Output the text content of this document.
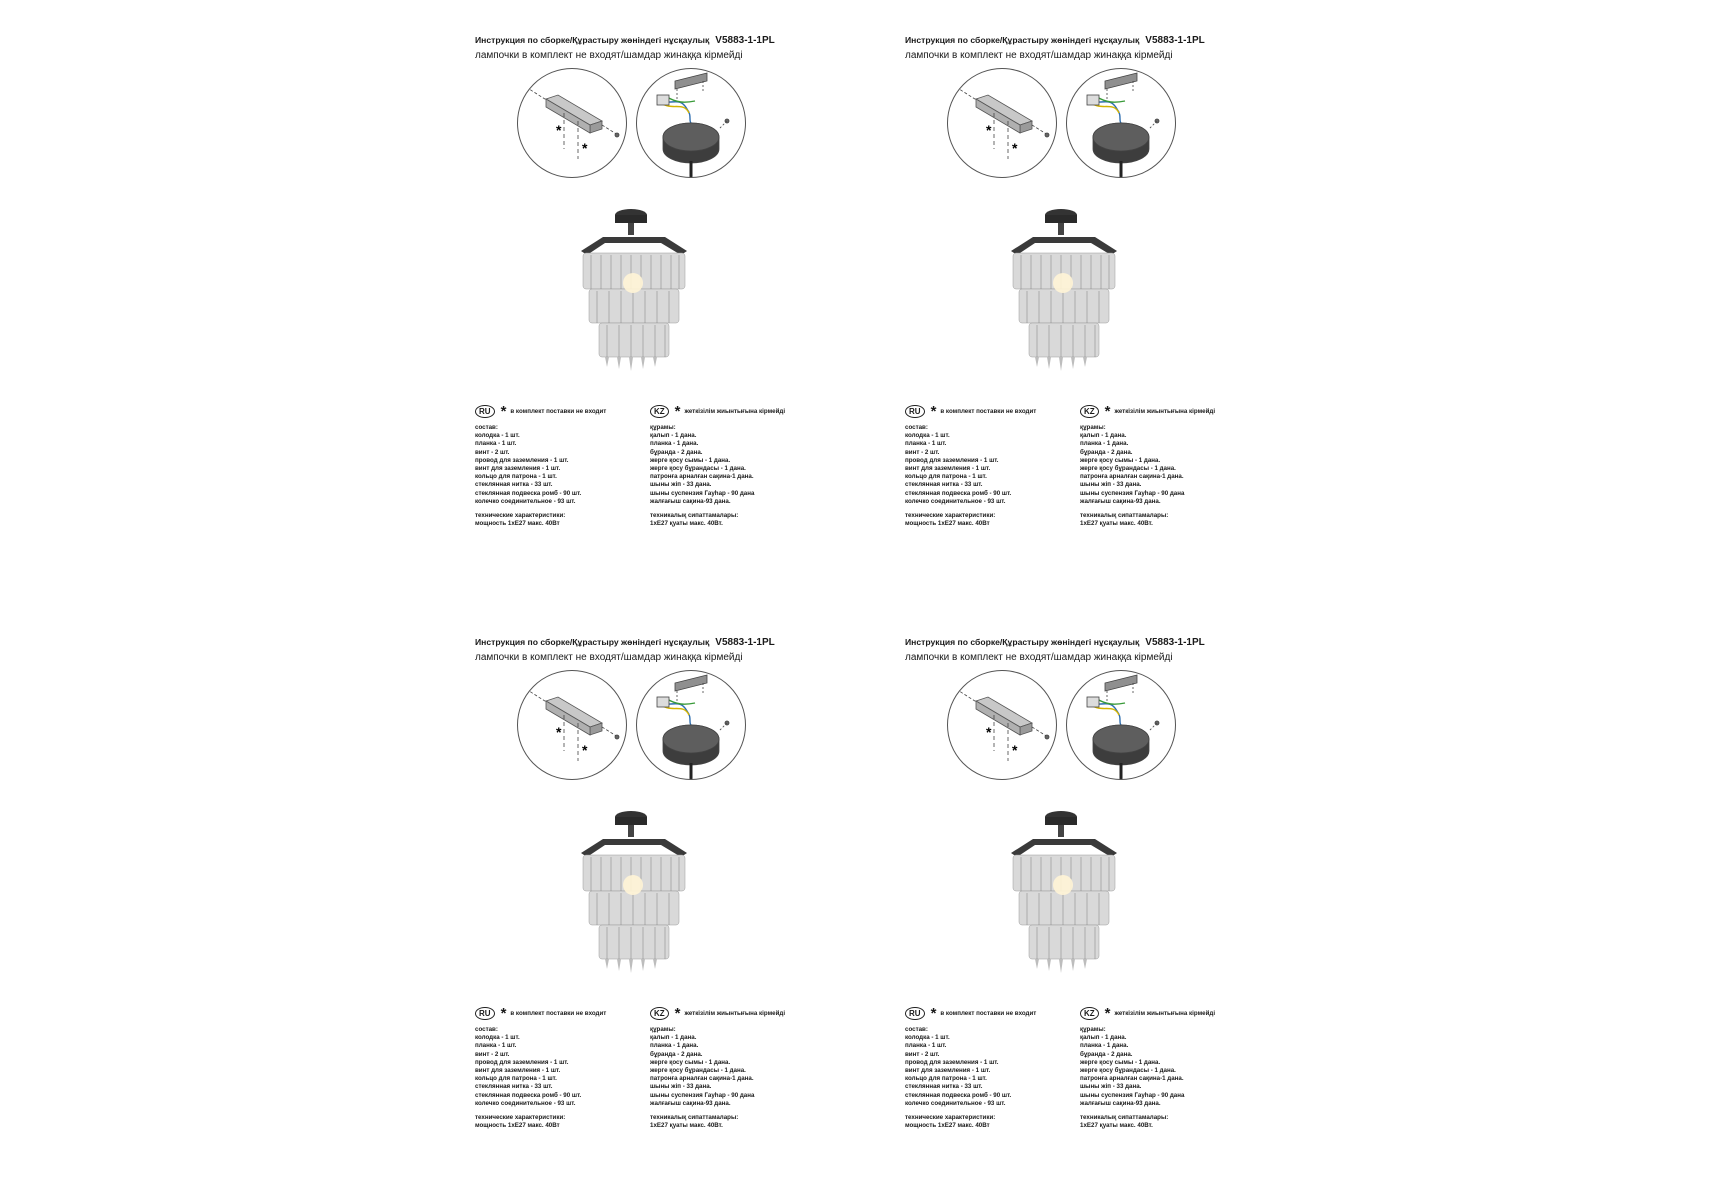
Инструкция по сборке/Құрастыру жөніндегі нұсқаулық V5883-1-1PL
лампочки в комплект не входят/шамдар жинаққа кірмейді
*
*
RU * в комплект поставки не входит	KZ * жеткізілім жиынтығына кірмейді
состав:
колодка - 1 шт.
планка - 1 шт.
винт - 2 шт.
провод для заземления - 1 шт.
винт для заземления - 1 шт.
кольцо для патрона - 1 шт.
стеклянная нитка - 33 шт.
стеклянная подвеска ромб - 90 шт.
колечко соединительное - 93 шт.
технические характеристики:
мощность 1хЕ27 макс. 40Вт
құрамы:
қалып - 1 дана.
планка - 1 дана.
бұранда - 2 дана.
жерге қосу сымы - 1 дана.
жерге қосу бұрандасы - 1 дана.
патронға арналған сақина-1 дана.
шыны жіп - 33 дана.
шыны суспензия Гауһар - 90 дана
жалғағыш сақина-93 дана.
техникалық сипаттамалары:
1хЕ27 қуаты макс. 40Вт.
Инструкция по сборке/Құрастыру жөніндегі нұсқаулық V5883-1-1PL
лампочки в комплект не входят/шамдар жинаққа кірмейді
*
*
RU * в комплект поставки не входит	KZ * жеткізілім жиынтығына кірмейді
состав:
колодка - 1 шт.
планка - 1 шт.
винт - 2 шт.
провод для заземления - 1 шт.
винт для заземления - 1 шт.
кольцо для патрона - 1 шт.
стеклянная нитка - 33 шт.
стеклянная подвеска ромб - 90 шт.
колечко соединительное - 93 шт.
технические характеристики:
мощность 1хЕ27 макс. 40Вт
құрамы:
қалып - 1 дана.
планка - 1 дана.
бұранда - 2 дана.
жерге қосу сымы - 1 дана.
жерге қосу бұрандасы - 1 дана.
патронға арналған сақина-1 дана.
шыны жіп - 33 дана.
шыны суспензия Гауһар - 90 дана
жалғағыш сақина-93 дана.
техникалық сипаттамалары:
1хЕ27 қуаты макс. 40Вт.
Инструкция по сборке/Құрастыру жөніндегі нұсқаулық V5883-1-1PL
лампочки в комплект не входят/шамдар жинаққа кірмейді
*
*
RU * в комплект поставки не входит	KZ * жеткізілім жиынтығына кірмейді
состав:
колодка - 1 шт.
планка - 1 шт.
винт - 2 шт.
провод для заземления - 1 шт.
винт для заземления - 1 шт.
кольцо для патрона - 1 шт.
стеклянная нитка - 33 шт.
стеклянная подвеска ромб - 90 шт.
колечко соединительное - 93 шт.
технические характеристики:
мощность 1хЕ27 макс. 40Вт
құрамы:
қалып - 1 дана.
планка - 1 дана.
бұранда - 2 дана.
жерге қосу сымы - 1 дана.
жерге қосу бұрандасы - 1 дана.
патронға арналған сақина-1 дана.
шыны жіп - 33 дана.
шыны суспензия Гауһар - 90 дана
жалғағыш сақина-93 дана.
техникалық сипаттамалары:
1хЕ27 қуаты макс. 40Вт.
Инструкция по сборке/Құрастыру жөніндегі нұсқаулық V5883-1-1PL
лампочки в комплект не входят/шамдар жинаққа кірмейді
*
*
RU * в комплект поставки не входит	KZ * жеткізілім жиынтығына кірмейді
состав:
колодка - 1 шт.
планка - 1 шт.
винт - 2 шт.
провод для заземления - 1 шт.
винт для заземления - 1 шт.
кольцо для патрона - 1 шт.
стеклянная нитка - 33 шт.
стеклянная подвеска ромб - 90 шт.
колечко соединительное - 93 шт.
технические характеристики:
мощность 1хЕ27 макс. 40Вт
құрамы:
қалып - 1 дана.
планка - 1 дана.
бұранда - 2 дана.
жерге қосу сымы - 1 дана.
жерге қосу бұрандасы - 1 дана.
патронға арналған сақина-1 дана.
шыны жіп - 33 дана.
шыны суспензия Гауһар - 90 дана
жалғағыш сақина-93 дана.
техникалық сипаттамалары:
1хЕ27 қуаты макс. 40Вт.
